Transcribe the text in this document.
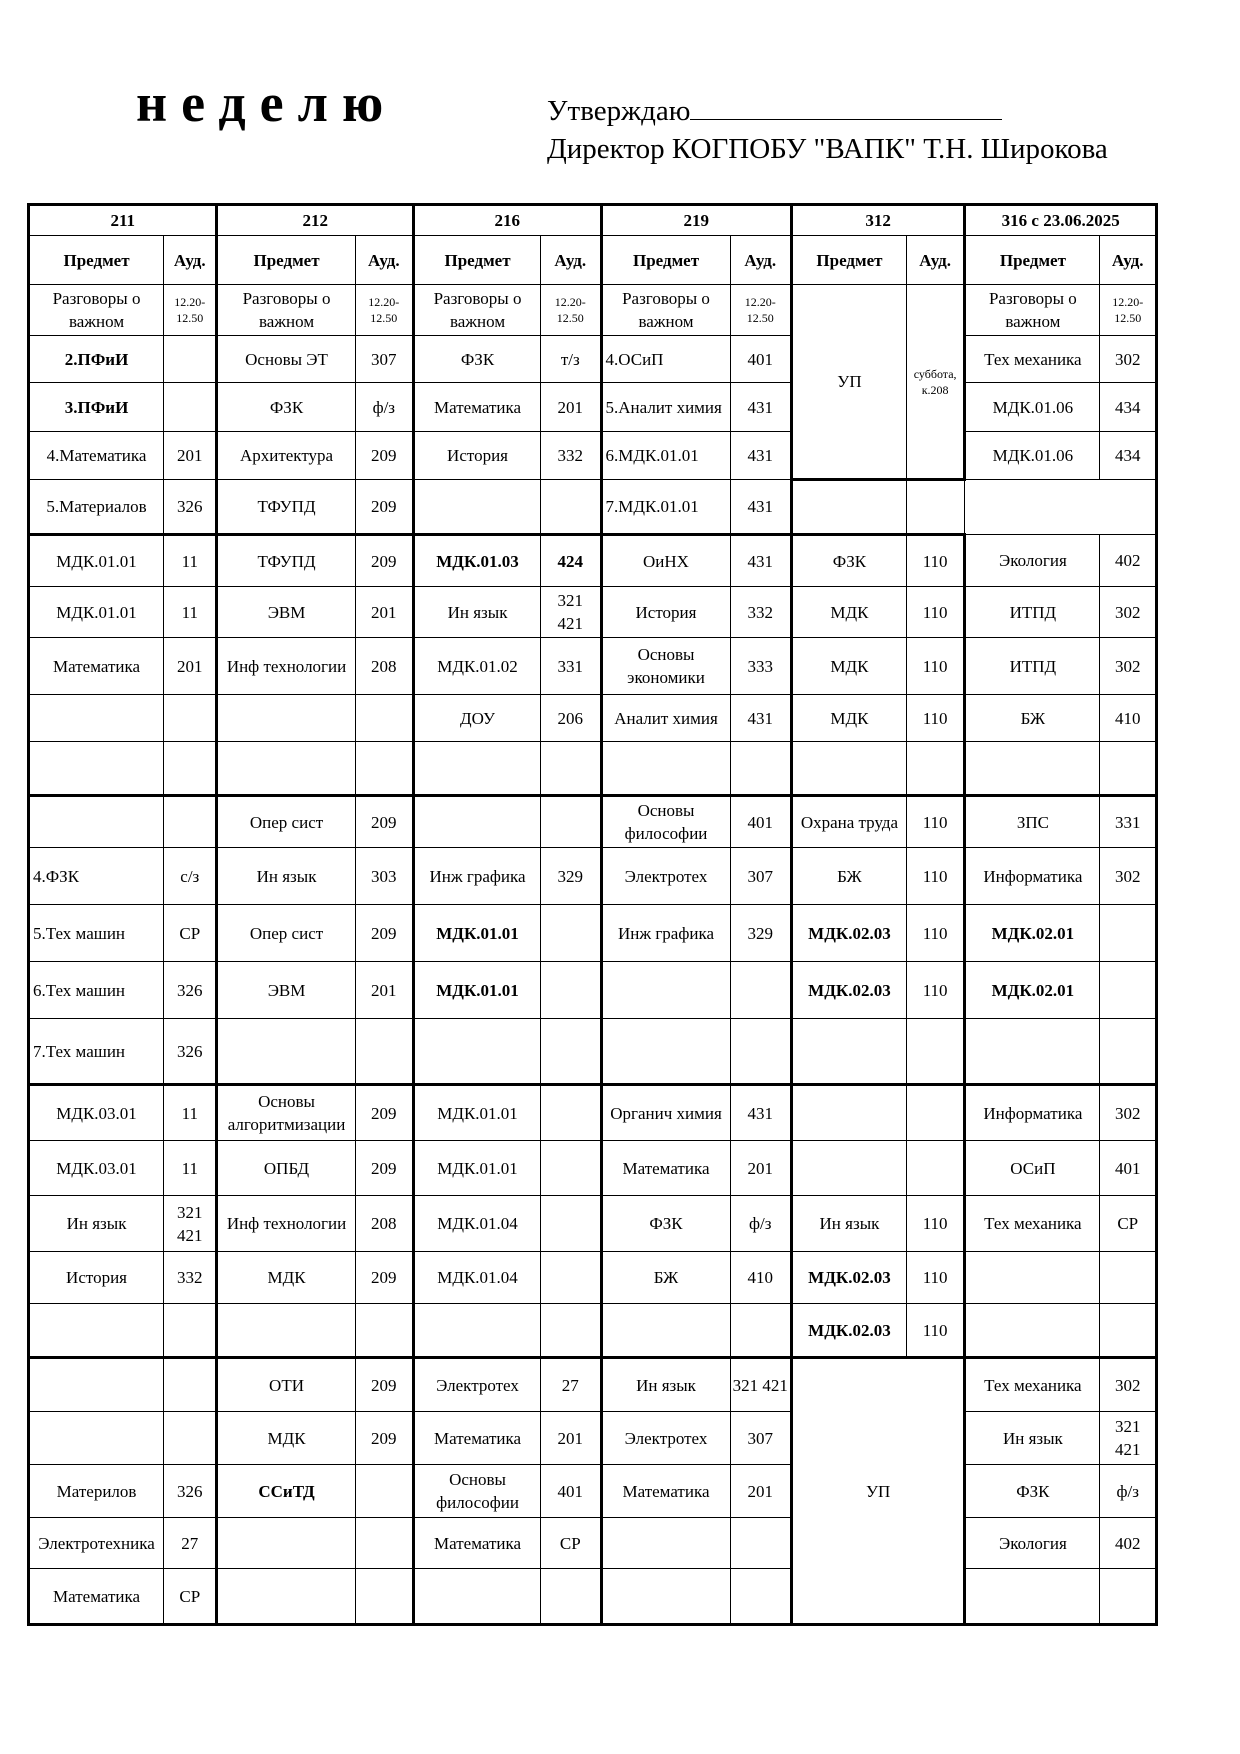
неделю	Утверждаю
Директор КОГПОБУ "ВАПК" Т.Н. Широкова
211		212		216		219		312		316 с 23.06.2025	
Предмет	Ауд.	Предмет	Ауд.	Предмет	Ауд.	Предмет	Ауд.	Предмет	Ауд.	Предмет	Ауд.
Разговоры о важном	12.20-12.50	Разговоры о важном	12.20-12.50	Разговоры о важном	12.20-12.50	Разговоры о важном	12.20-12.50	УП	суббота, к.208	Разговоры о важном	12.20-12.50
2.ПФиИ		Основы ЭТ	307	ФЗК	т/з	4.ОСиП	401			Тех механика	302
3.ПФиИ		ФЗК	ф/з	Математика	201	5.Аналит химия	431			МДК.01.06	434
4.Математика	201	Архитектура	209	История	332	6.МДК.01.01	431			МДК.01.06	434
5.Материалов	326	ТФУПД	209			7.МДК.01.01	431				
МДК.01.01	11	ТФУПД	209	МДК.01.03	424	ОиНХ	431	ФЗК	110	Экология	402
МДК.01.01	11	ЭВМ	201	Ин язык	321 421	История	332	МДК	110	ИТПД	302
Математика	201	Инф технологии	208	МДК.01.02	331	Основы экономики	333	МДК	110	ИТПД	302
				ДОУ	206	Аналит химия	431	МДК	110	БЖ	410

		Опер сист	209			Основы философии	401	Охрана труда	110	ЗПС	331
4.ФЗК	с/з	Ин язык	303	Инж графика	329	Электротех	307	БЖ	110	Информатика	302
5.Тех машин	СР	Опер сист	209	МДК.01.01		Инж графика	329	МДК.02.03	110	МДК.02.01	
6.Тех машин	326	ЭВМ	201	МДК.01.01				МДК.02.03	110	МДК.02.01	
7.Тех машин	326										
МДК.03.01	11	Основы алгоритмизации	209	МДК.01.01		Органич химия	431			Информатика	302
МДК.03.01	11	ОПБД	209	МДК.01.01		Математика	201			ОСиП	401
Ин язык	321 421	Инф технологии	208	МДК.01.04		ФЗК	ф/з	Ин язык	110	Тех механика	СР
История	332	МДК	209	МДК.01.04		БЖ	410	МДК.02.03	110		
								МДК.02.03	110		
		ОТИ	209	Электротех	27	Ин язык	321 421	УП		Тех механика	302
		МДК	209	Математика	201	Электротех	307			Ин язык	321 421
Материлов	326	ССиТД		Основы философии	401	Математика	201			ФЗК	ф/з
Электротехника	27			Математика	СР					Экология	402
Математика	СР										
